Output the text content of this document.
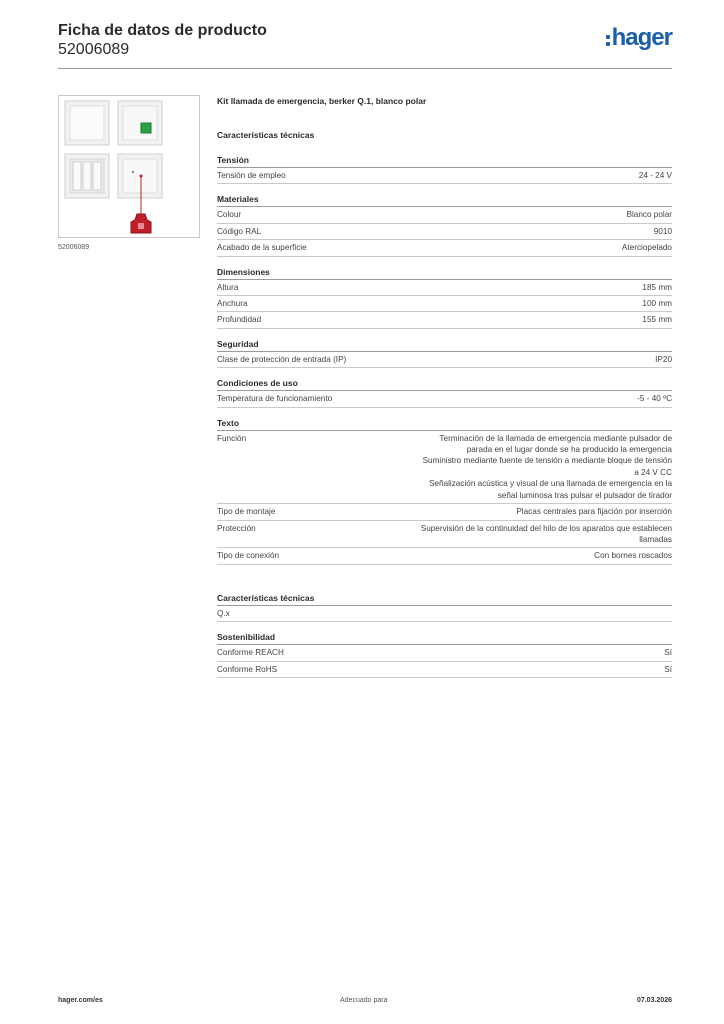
Ficha de datos de producto
52006089	hager
52006089
Kit llamada de emergencia, berker Q.1, blanco polar
Características técnicas
Tensión
Tensión de empleo	24 - 24 V
Materiales
Colour	Blanco polar
Código RAL	9010
Acabado de la superficie	Aterciopelado
Dimensiones
Altura	185 mm
Anchura	100 mm
Profundidad	155 mm
Seguridad
Clase de protección de entrada (IP)	IP20
Condiciones de uso
Temperatura de funcionamiento	-5 - 40 ºC
Texto
Función	Terminación de la llamada de emergencia mediante pulsador de
parada en el lugar donde se ha producido la emergencia
Suministro mediante fuente de tensión a mediante bloque de tensión
a 24 V CC
Señalización acústica y visual de una llamada de emergencia en la
señal luminosa tras pulsar el pulsador de tirador
Tipo de montaje	Placas centrales para fijación por inserción
Protección	Supervisión de la continuidad del hilo de los aparatos que establecen
llamadas
Tipo de conexión	Con bornes roscados
Características técnicas
Q.x
Sostenibilidad
Conforme REACH	Sí
Conforme RoHS	Sí
hager.com/es	Adecuado para	07.03.2026
